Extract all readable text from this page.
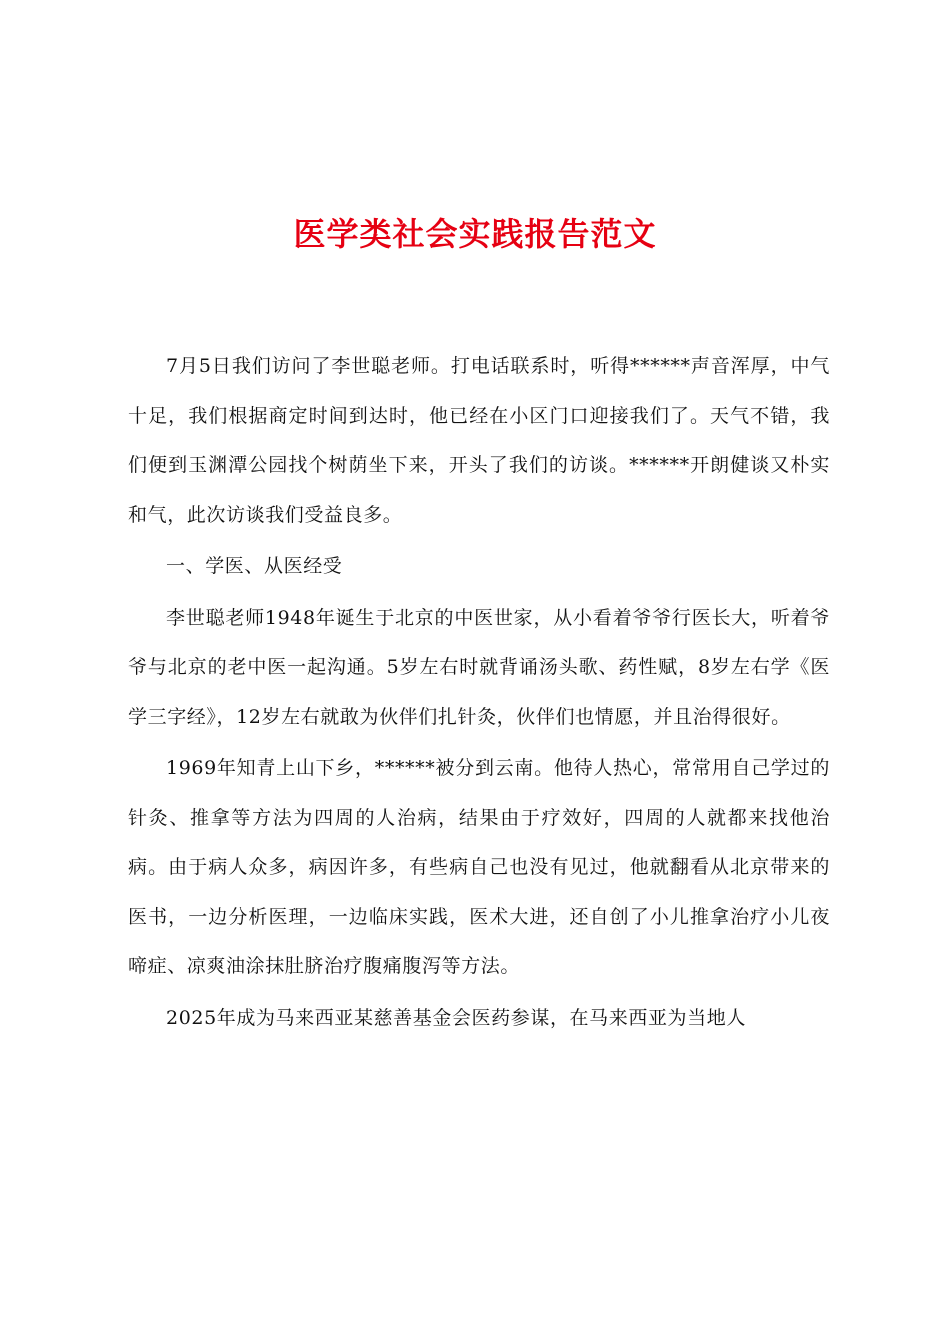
医学类社会实践报告范文

7月5日我们访问了李世聪老师。打电话联系时，听得******声音浑厚，中气十足，我们根据商定时间到达时，他已经在小区门口迎接我们了。天气不错，我们便到玉渊潭公园找个树荫坐下来，开头了我们的访谈。******开朗健谈又朴实和气，此次访谈我们受益良多。

一、学医、从医经受

李世聪老师1948年诞生于北京的中医世家，从小看着爷爷行医长大，听着爷爷与北京的老中医一起沟通。5岁左右时就背诵汤头歌、药性赋，8岁左右学《医学三字经》，12岁左右就敢为伙伴们扎针灸，伙伴们也情愿，并且治得很好。

1969年知青上山下乡，******被分到云南。他待人热心，常常用自己学过的针灸、推拿等方法为四周的人治病，结果由于疗效好，四周的人就都来找他治病。由于病人众多，病因许多，有些病自己也没有见过，他就翻看从北京带来的医书，一边分析医理，一边临床实践，医术大进，还自创了小儿推拿治疗小儿夜啼症、凉爽油涂抹肚脐治疗腹痛腹泻等方法。

2025年成为马来西亚某慈善基金会医药参谋，在马来西亚为当地人
